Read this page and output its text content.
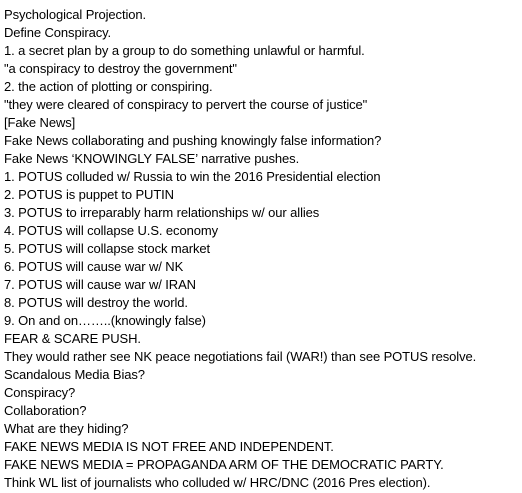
Psychological Projection.
Define Conspiracy.
1. a secret plan by a group to do something unlawful or harmful.
"a conspiracy to destroy the government"
2. the action of plotting or conspiring.
"they were cleared of conspiracy to pervert the course of justice"
[Fake News]
Fake News collaborating and pushing knowingly false information?
Fake News ‘KNOWINGLY FALSE’ narrative pushes.
1. POTUS colluded w/ Russia to win the 2016 Presidential election
2. POTUS is puppet to PUTIN
3. POTUS to irreparably harm relationships w/ our allies
4. POTUS will collapse U.S. economy
5. POTUS will collapse stock market
6. POTUS will cause war w/ NK
7. POTUS will cause war w/ IRAN
8. POTUS will destroy the world.
9. On and on……..(knowingly false)
FEAR & SCARE PUSH.
They would rather see NK peace negotiations fail (WAR!) than see POTUS resolve.
Scandalous Media Bias?
Conspiracy?
Collaboration?
What are they hiding?
FAKE NEWS MEDIA IS NOT FREE AND INDEPENDENT.
FAKE NEWS MEDIA = PROPAGANDA ARM OF THE DEMOCRATIC PARTY.
Think WL list of journalists who colluded w/ HRC/DNC (2016 Pres election).
